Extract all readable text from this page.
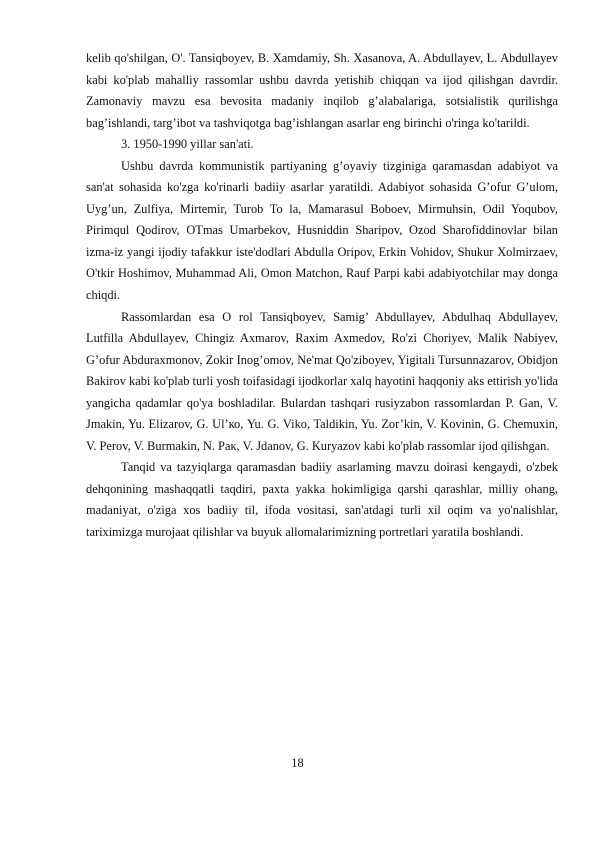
kelib qo'shilgan, O'. Tansiqboyev, B. Xamdamiy, Sh. Xasanova, A. Abdullayev, L. Abdullayev kabi ko'plab mahalliy rassomlar ushbu davrda yetishib chiqqan va ijod qilishgan davrdir. Zamonaviy mavzu esa bevosita madaniy inqilob g’alabalariga, sotsialistik qurilishga bag’ishlandi, targ’ibot va tashviqotga bag’ishlangan asarlar eng birinchi o'ringa ko'tarildi.

3. 1950-1990 yillar san'ati.

Ushbu davrda kommunistik partiyaning g’oyaviy tizginiga qaramasdan adabiyot va san'at sohasida ko'zga ko'rinarli badiiy asarlar yaratildi. Adabiyot sohasida G’ofur G’ulom, Uyg’un, Zulfiya, Mirtemir, Turob To la, Mamarasul Boboev, Mirmuhsin, Odil Yoqubov, Pirimqul Qodirov, OTmas Umarbekov, Husniddin Sharipov, Ozod Sharofiddinovlar bilan izma-iz yangi ijodiy tafakkur iste'dodlari Abdulla Oripov, Erkin Vohidov, Shukur Xolmirzaev, O'tkir Hoshimov, Muhammad Ali, Omon Matchon, Rauf Parpi kabi adabiyotchilar may donga chiqdi.

Rassomlardan esa O rol Tansiqboyev, Samig’ Abdullayev, Abdulhaq Abdullayev, Lutfilla Abdullayev, Chingiz Axmarov, Raxim Axmedov, Ro'zi Choriyev, Malik Nabiyev, G’ofur Abduraxmonov, Zokir Inog’omov, Ne'mat Qo'ziboyev, Yigitali Tursunnazarov, Obidjon Bakirov kabi ko'plab turli yosh toifasidagi ijodkorlar xalq hayotini haqqoniy aks ettirish yo'lida yangicha qadamlar qo'ya boshladilar. Bulardan tashqari rusiyzabon rassomlardan P. Gan, V. Jmakin, Yu. Elizarov, G. Ul’ко, Yu. G. Viko, Taldikin, Yu. Zor’kin, V. Kovinin, G. Chemuxin, V. Perov, V. Burmakin, N. Рак, V. Jdanov, G. Kuryazov kabi ko'plab rassomlar ijod qilishgan.

Tanqid va tazyiqlarga qaramasdan badiiy asarlaming mavzu doirasi kengaydi, o'zbek dehqonining mashaqqatli taqdiri, paxta yakka hokimligiga qarshi qarashlar, milliy ohang, madaniyat, o'ziga xos badiiy til, ifoda vositasi, san'atdagi turli xil oqim va yo'nalishlar, tariximizga murojaat qilishlar va buyuk allomalarimizning portretlari yaratila boshlandi.

18
